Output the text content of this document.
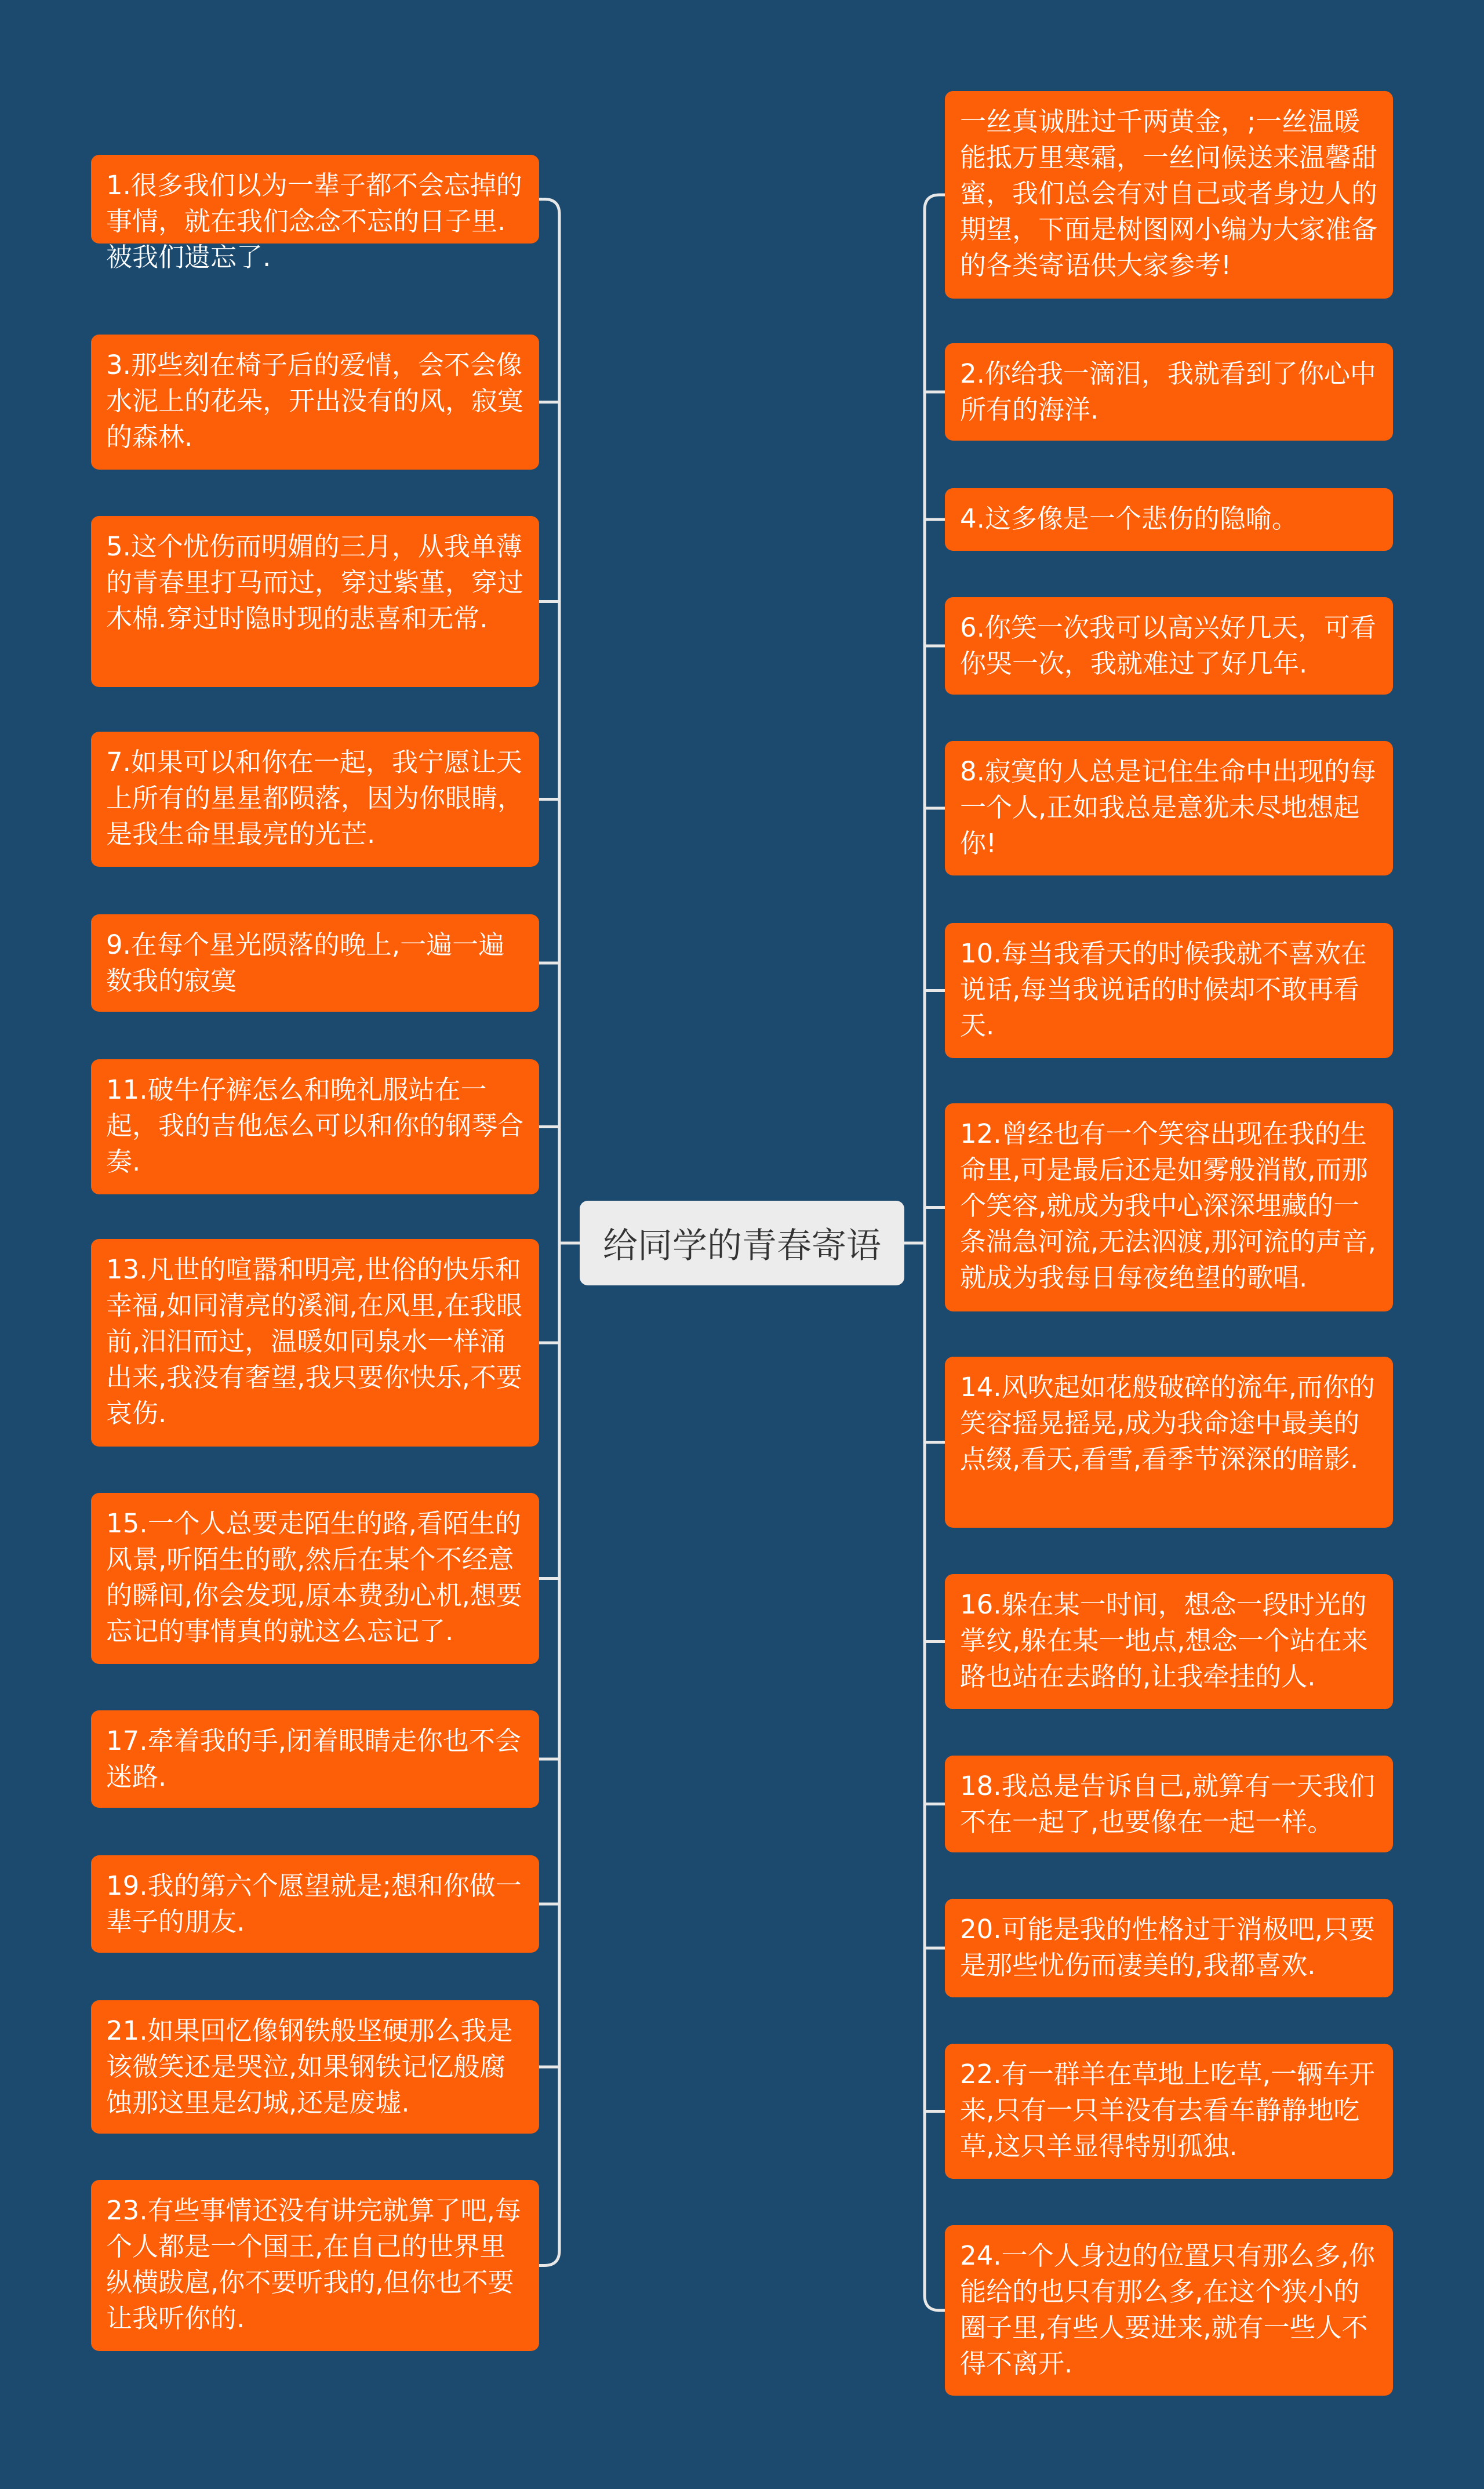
给同学的青春寄语
1.很多我们以为一辈子都不会忘掉的事情，就在我们念念不忘的日子里.被我们遗忘了.
3.那些刻在椅子后的爱情，会不会像水泥上的花朵，开出没有的风，寂寞的森林.
5.这个忧伤而明媚的三月，从我单薄的青春里打马而过，穿过紫堇，穿过木棉.穿过时隐时现的悲喜和无常.
7.如果可以和你在一起，我宁愿让天上所有的星星都陨落，因为你眼睛，是我生命里最亮的光芒.
9.在每个星光陨落的晚上,一遍一遍数我的寂寞
11.破牛仔裤怎么和晚礼服站在一起，我的吉他怎么可以和你的钢琴合奏.
13.凡世的喧嚣和明亮,世俗的快乐和幸福,如同清亮的溪涧,在风里,在我眼前,汨汨而过，温暖如同泉水一样涌出来,我没有奢望,我只要你快乐,不要哀伤.
15.一个人总要走陌生的路,看陌生的风景,听陌生的歌,然后在某个不经意的瞬间,你会发现,原本费劲心机,想要忘记的事情真的就这么忘记了.
17.牵着我的手,闭着眼睛走你也不会迷路.
19.我的第六个愿望就是;想和你做一辈子的朋友.
21.如果回忆像钢铁般坚硬那么我是该微笑还是哭泣,如果钢铁记忆般腐蚀那这里是幻城,还是废墟.
23.有些事情还没有讲完就算了吧,每个人都是一个国王,在自己的世界里纵横跋扈,你不要听我的,但你也不要让我听你的.
一丝真诚胜过千两黄金，;一丝温暖能抵万里寒霜，一丝问候送来温馨甜蜜，我们总会有对自己或者身边人的期望，下面是树图网小编为大家准备的各类寄语供大家参考!
2.你给我一滴泪，我就看到了你心中所有的海洋.
4.这多像是一个悲伤的隐喻。
6.你笑一次我可以高兴好几天，可看你哭一次，我就难过了好几年.
8.寂寞的人总是记住生命中出现的每一个人,正如我总是意犹未尽地想起你!
10.每当我看天的时候我就不喜欢在说话,每当我说话的时候却不敢再看天.
12.曾经也有一个笑容出现在我的生命里,可是最后还是如雾般消散,而那个笑容,就成为我中心深深埋藏的一条湍急河流,无法泅渡,那河流的声音,就成为我每日每夜绝望的歌唱.
14.风吹起如花般破碎的流年,而你的笑容摇晃摇晃,成为我命途中最美的点缀,看天,看雪,看季节深深的暗影.
16.躲在某一时间，想念一段时光的掌纹,躲在某一地点,想念一个站在来路也站在去路的,让我牵挂的人.
18.我总是告诉自己,就算有一天我们不在一起了,也要像在一起一样。
20.可能是我的性格过于消极吧,只要是那些忧伤而凄美的,我都喜欢.
22.有一群羊在草地上吃草,一辆车开来,只有一只羊没有去看车静静地吃草,这只羊显得特别孤独.
24.一个人身边的位置只有那么多,你能给的也只有那么多,在这个狭小的圈子里,有些人要进来,就有一些人不得不离开.
